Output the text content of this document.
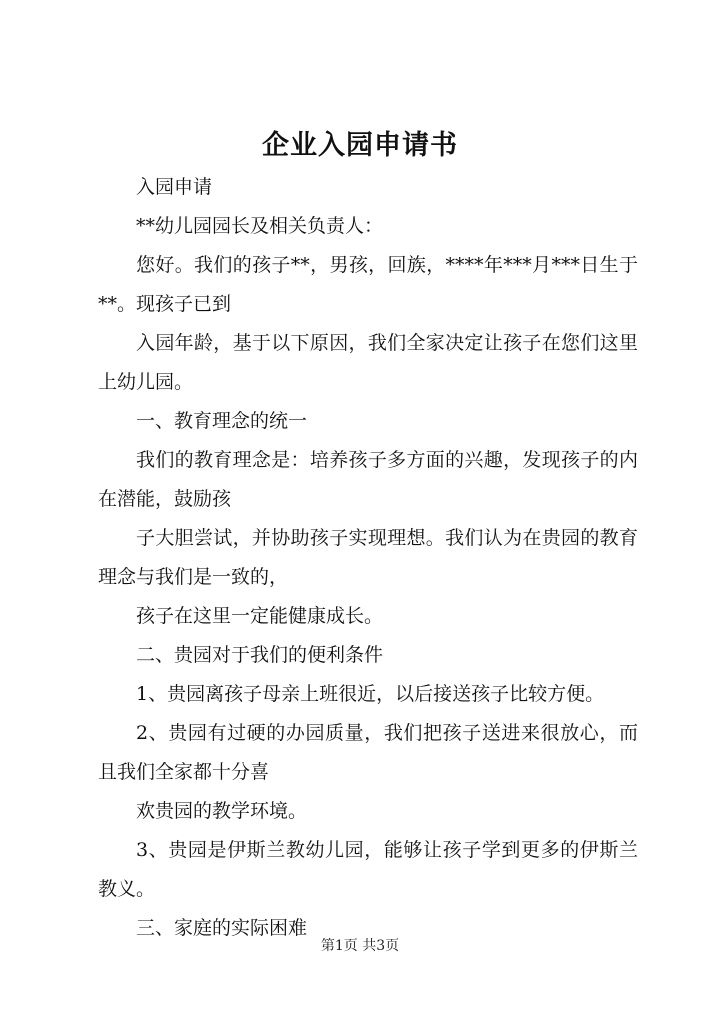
企业入园申请书

入园申请

**幼儿园园长及相关负责人：

您好。我们的孩子**，男孩，回族，****年***月***日生于**。现孩子已到

入园年龄，基于以下原因，我们全家决定让孩子在您们这里上幼儿园。

一、教育理念的统一

我们的教育理念是：培养孩子多方面的兴趣，发现孩子的内在潜能，鼓励孩

子大胆尝试，并协助孩子实现理想。我们认为在贵园的教育理念与我们是一致的，

孩子在这里一定能健康成长。

二、贵园对于我们的便利条件

1、贵园离孩子母亲上班很近，以后接送孩子比较方便。

2、贵园有过硬的办园质量，我们把孩子送进来很放心，而且我们全家都十分喜

欢贵园的教学环境。

3、贵园是伊斯兰教幼儿园，能够让孩子学到更多的伊斯兰教义。

三、家庭的实际困难

第1页 共3页
